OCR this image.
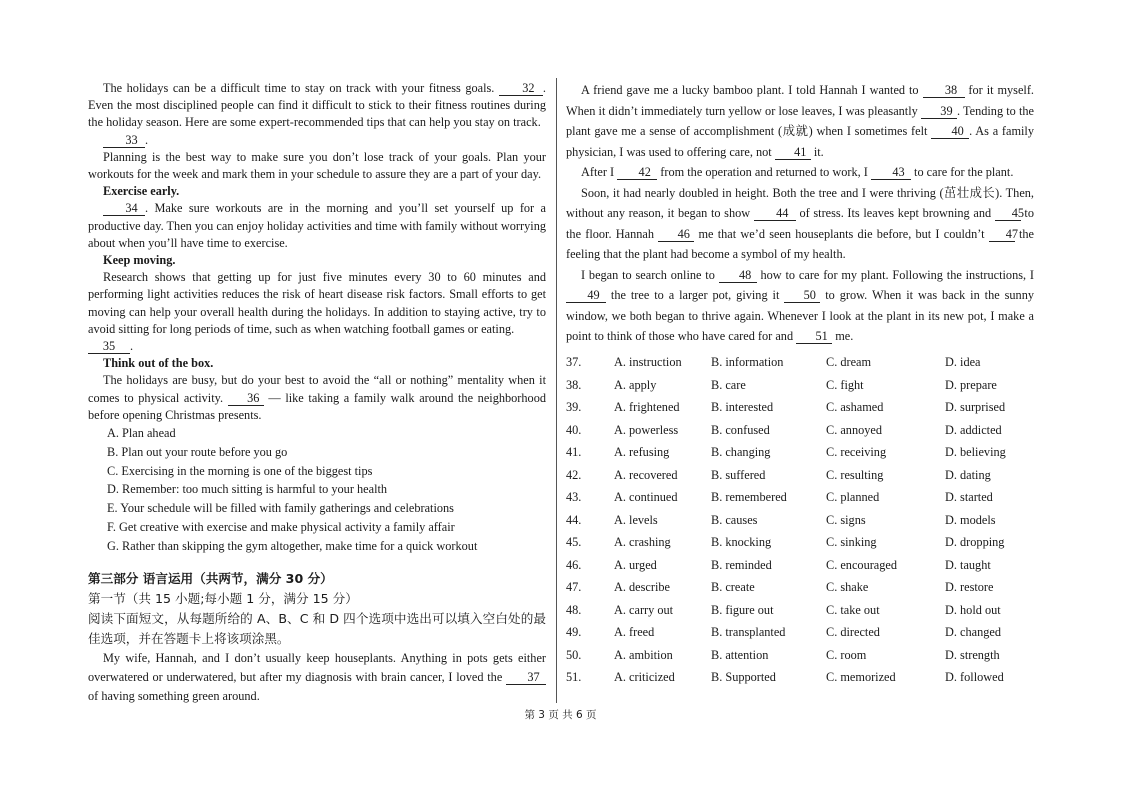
The holidays can be a difficult time to stay on track with your fitness goals. 32 . Even the most disciplined people can find it difficult to stick to their fitness routines during the holiday season. Here are some expert-recommended tips that can help you stay on track.

33 .

Planning is the best way to make sure you don’t lose track of your goals. Plan your workouts for the week and mark them in your schedule to assure they are a part of your day.

Exercise early.

34 . Make sure workouts are in the morning and you’ll set yourself up for a productive day. Then you can enjoy holiday activities and time with family without worrying about when you’ll have time to exercise.

Keep moving.

Research shows that getting up for just five minutes every 30 to 60 minutes and performing light activities reduces the risk of heart disease risk factors. Small efforts to get moving can help your overall health during the holidays. In addition to staying active, try to avoid sitting for long periods of time, such as when watching football games or eating.

35 .

Think out of the box.

The holidays are busy, but do your best to avoid the “all or nothing” mentality when it comes to physical activity. 36 — like taking a family walk around the neighborhood before opening Christmas presents.

A. Plan ahead

B. Plan out your route before you go

C. Exercising in the morning is one of the biggest tips

D. Remember: too much sitting is harmful to your health

E. Your schedule will be filled with family gatherings and celebrations

F. Get creative with exercise and make physical activity a family affair

G. Rather than skipping the gym altogether, make time for a quick workout

第三部分 语言运用（共两节，满分 30 分）

第一节（共 15 小题;每小题 1 分，满分 15 分）

阅读下面短文，从每题所给的 A、B、C 和 D 四个选项中选出可以填入空白处的最佳选项，并在答题卡上将该项涂黑。

My wife, Hannah, and I don’t usually keep houseplants. Anything in pots gets either overwatered or underwatered, but after my diagnosis with brain cancer, I loved the 37 of having something green around.

A friend gave me a lucky bamboo plant. I told Hannah I wanted to 38 for it myself. When it didn’t immediately turn yellow or lose leaves, I was pleasantly 39 . Tending to the plant gave me a sense of accomplishment (成就) when I sometimes felt 40 . As a family physician, I was used to offering care, not 41 it.

After I 42 from the operation and returned to work, I 43 to care for the plant.

Soon, it had nearly doubled in height. Both the tree and I were thriving (茁壮成长). Then, without any reason, it began to show 44 of stress. Its leaves kept browning and 45 to the floor. Hannah 46 me that we’d seen houseplants die before, but I couldn’t 47 the feeling that the plant had become a symbol of my health.

I began to search online to 48 how to care for my plant. Following the instructions, I 49 the tree to a larger pot, giving it 50 to grow. When it was back in the sunny window, we both began to thrive again. Whenever I look at the plant in its new pot, I make a point to think of those who have cared for and 51 me.

37.	A. instruction	B. information	C. dream	D. idea
38.	A. apply	B. care	C. fight	D. prepare
39.	A. frightened	B. interested	C. ashamed	D. surprised
40.	A. powerless	B. confused	C. annoyed	D. addicted
41.	A. refusing	B. changing	C. receiving	D. believing
42.	A. recovered	B. suffered	C. resulting	D. dating
43.	A. continued	B. remembered	C. planned	D. started
44.	A. levels	B. causes	C. signs	D. models
45.	A. crashing	B. knocking	C. sinking	D. dropping
46.	A. urged	B. reminded	C. encouraged	D. taught
47.	A. describe	B. create	C. shake	D. restore
48.	A. carry out	B. figure out	C. take out	D. hold out
49.	A. freed	B. transplanted	C. directed	D. changed
50.	A. ambition	B. attention	C. room	D. strength
51.	A. criticized	B. Supported	C. memorized	D. followed
第 3 页 共 6 页
